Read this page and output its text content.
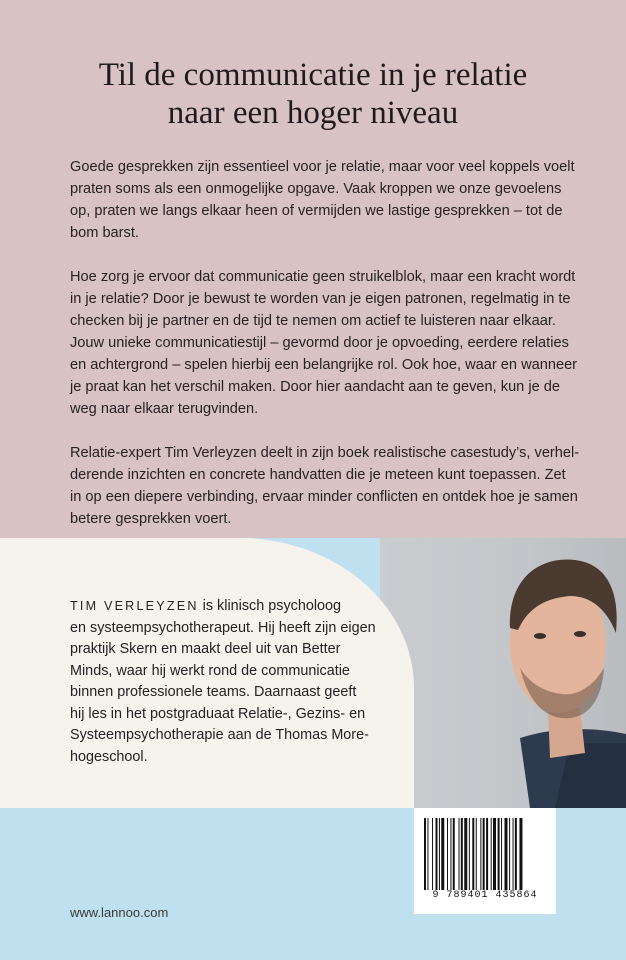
Til de communicatie in je relatie
naar een hoger niveau

Goede gesprekken zijn essentieel voor je relatie, maar voor veel koppels voelt
praten soms als een onmogelijke opgave. Vaak kroppen we onze gevoelens
op, praten we langs elkaar heen of vermijden we lastige gesprekken – tot de
bom barst.

Hoe zorg je ervoor dat communicatie geen struikelblok, maar een kracht wordt
in je relatie? Door je bewust te worden van je eigen patronen, regelmatig in te
checken bij je partner en de tijd te nemen om actief te luisteren naar elkaar.
Jouw unieke communicatiestijl – gevormd door je opvoeding, eerdere relaties
en achtergrond – spelen hierbij een belangrijke rol. Ook hoe, waar en wanneer
je praat kan het verschil maken. Door hier aandacht aan te geven, kun je de
weg naar elkaar terugvinden.

Relatie-expert Tim Verleyzen deelt in zijn boek realistische casestudy’s, verhel-
derende inzichten en concrete handvatten die je meteen kunt toepassen. Zet
in op een diepere verbinding, ervaar minder conflicten en ontdek hoe je samen
betere gesprekken voert.

TIM VERLEYZEN is klinisch psycholoog
en systeempsychotherapeut. Hij heeft zijn eigen
praktijk Skern en maakt deel uit van Better
Minds, waar hij werkt rond de communicatie
binnen professionele teams. Daarnaast geeft
hij les in het postgraduaat Relatie-, Gezins- en
Systeempsychotherapie aan de Thomas More-
hogeschool.
9 789401 435864
www.lannoo.com
